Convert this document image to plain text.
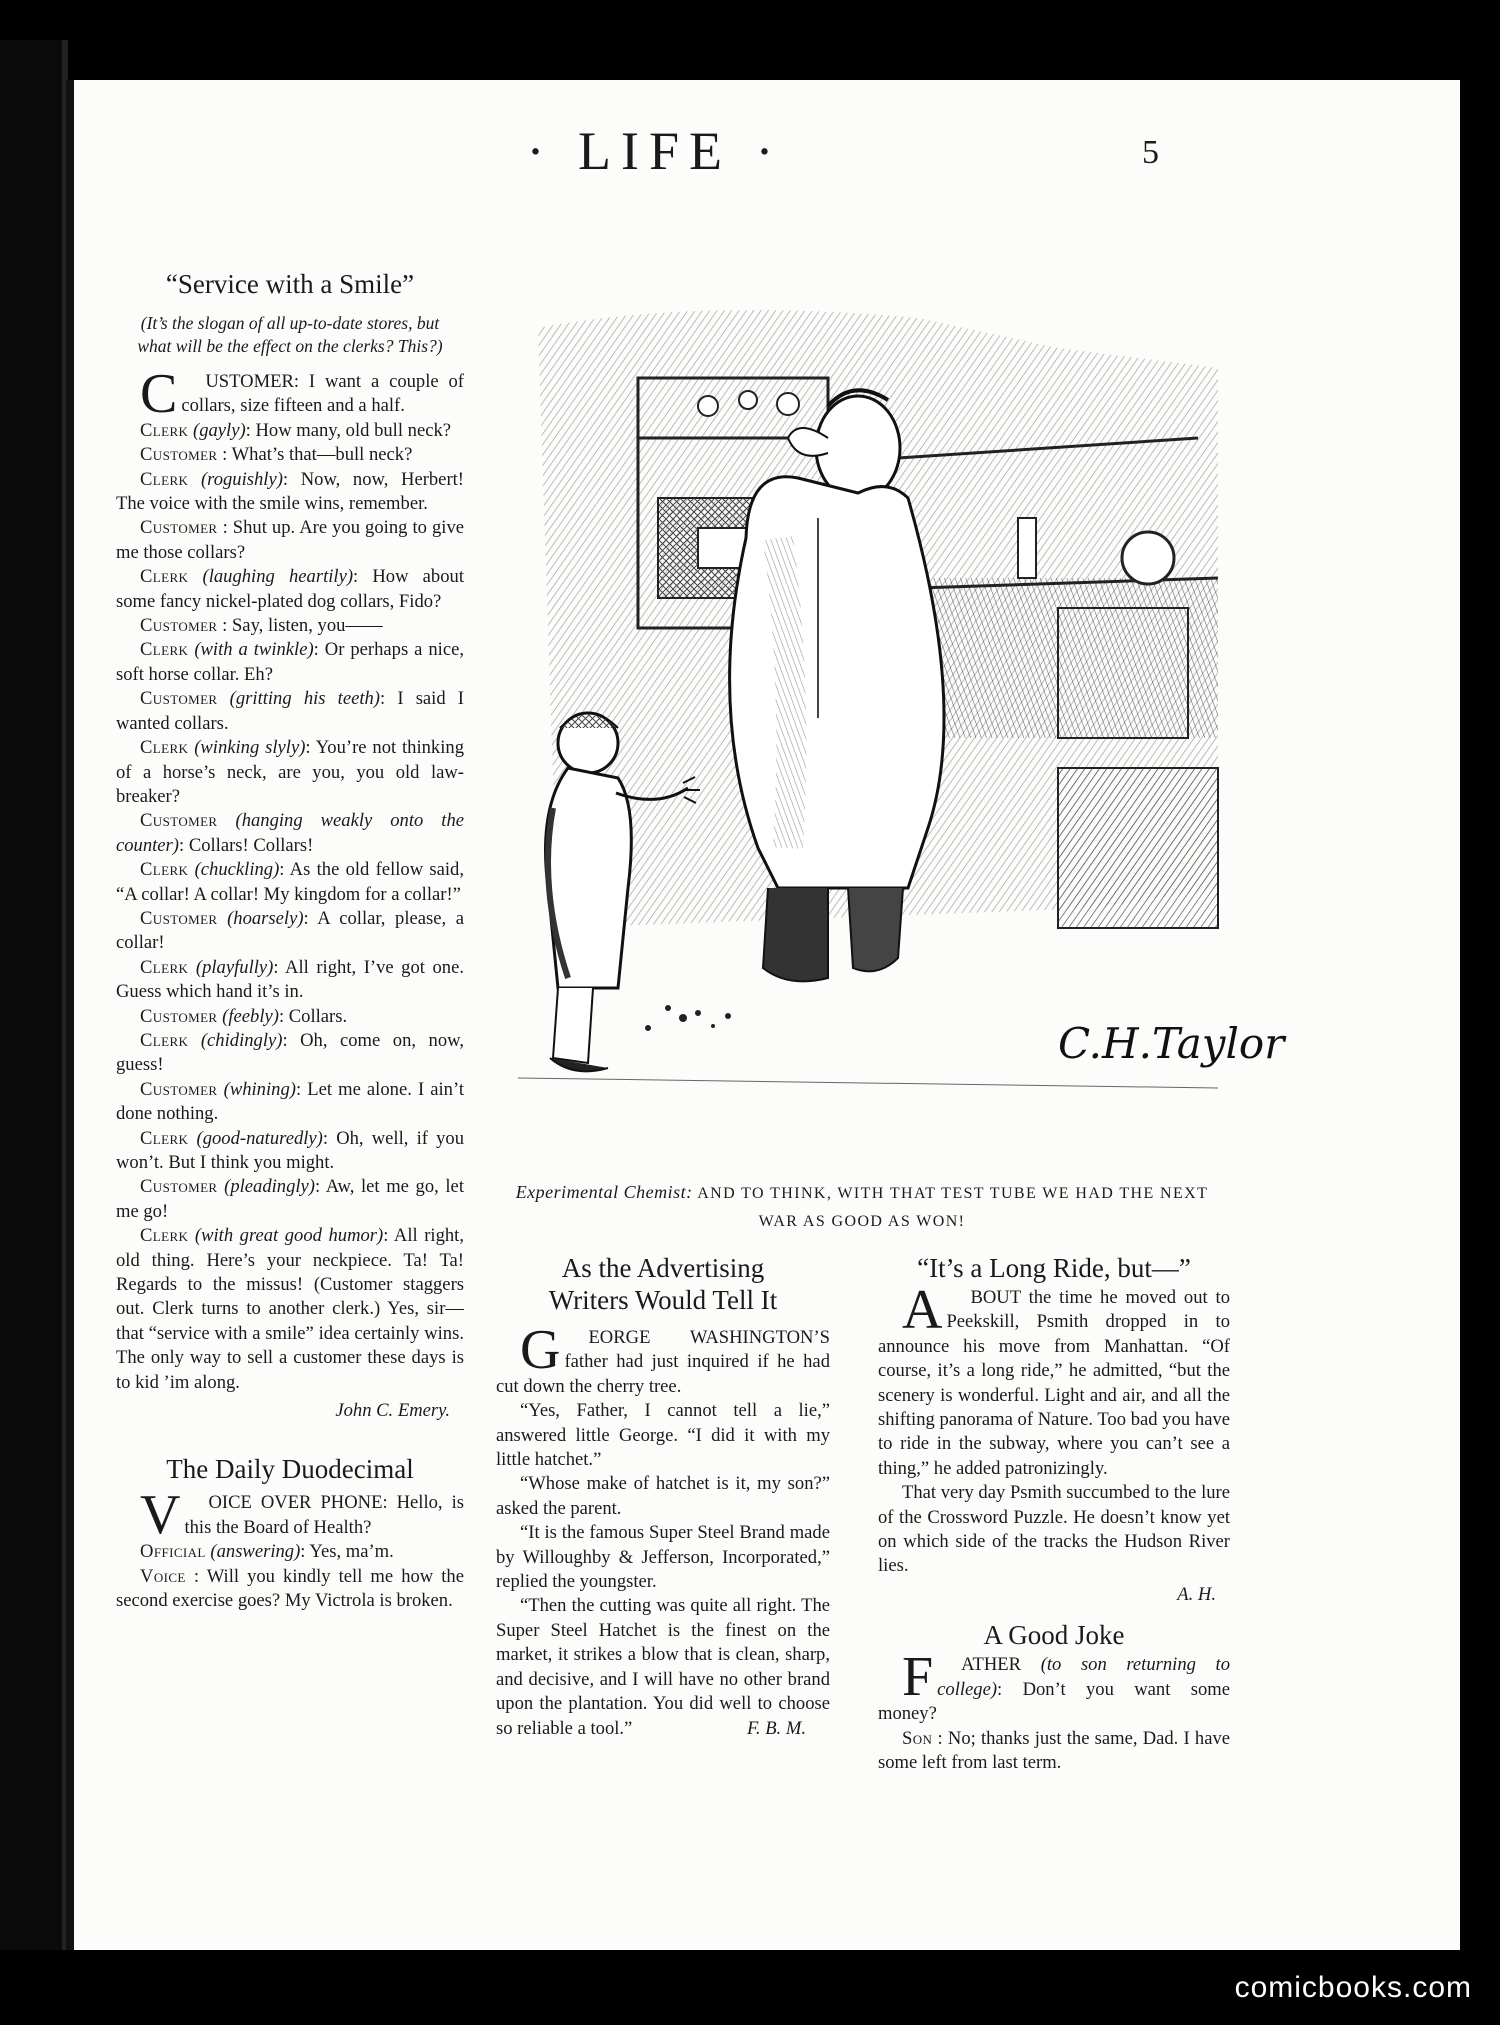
· LIFE ·	5
“Service with a Smile”
(It’s the slogan of all up-to-date stores, but what will be the effect on the clerks? This?)

C USTOMER: I want a couple of collars, size fifteen and a half.

Clerk (gayly): How many, old bull neck?

Customer : What’s that—bull neck?

Clerk (roguishly): Now, now, Herbert! The voice with the smile wins, remember.

Customer : Shut up. Are you going to give me those collars?

Clerk (laughing heartily): How about some fancy nickel-plated dog collars, Fido?

Customer : Say, listen, you——

Clerk (with a twinkle): Or perhaps a nice, soft horse collar. Eh?

Customer (gritting his teeth): I said I wanted collars.

Clerk (winking slyly): You’re not thinking of a horse’s neck, are you, you old law-breaker?

Customer (hanging weakly onto the counter): Collars! Collars!

Clerk (chuckling): As the old fellow said, “A collar! A collar! My kingdom for a collar!”

Customer (hoarsely): A collar, please, a collar!

Clerk (playfully): All right, I’ve got one. Guess which hand it’s in.

Customer (feebly): Collars.

Clerk (chidingly): Oh, come on, now, guess!

Customer (whining): Let me alone. I ain’t done nothing.

Clerk (good-naturedly): Oh, well, if you won’t. But I think you might.

Customer (pleadingly): Aw, let me go, let me go!

Clerk (with great good humor): All right, old thing. Here’s your neckpiece. Ta! Ta! Regards to the missus! (Customer staggers out. Clerk turns to another clerk.) Yes, sir—that “service with a smile” idea certainly wins. The only way to sell a customer these days is to kid ’im along.

John C. Emery.

The Daily Duodecimal

V OICE OVER PHONE: Hello, is this the Board of Health?

Official (answering): Yes, ma’m.

Voice : Will you kindly tell me how the second exercise goes? My Victrola is broken.

C.H.Taylor
Experimental Chemist: AND TO THINK, WITH THAT TEST TUBE WE HAD THE NEXT WAR AS GOOD AS WON!
As the Advertising Writers Would Tell It

G EORGE WASHINGTON’S father had just inquired if he had cut down the cherry tree.

“Yes, Father, I cannot tell a lie,” answered little George. “I did it with my little hatchet.”

“Whose make of hatchet is it, my son?” asked the parent.

“It is the famous Super Steel Brand made by Willoughby & Jefferson, Incorporated,” replied the youngster.

“Then the cutting was quite all right. The Super Steel Hatchet is the finest on the market, it strikes a blow that is clean, sharp, and decisive, and I will have no other brand upon the plantation. You did well to choose so reliable a tool.”	F. B. M.

“It’s a Long Ride, but—”

A BOUT the time he moved out to Peekskill, Psmith dropped in to announce his move from Manhattan. “Of course, it’s a long ride,” he admitted, “but the scenery is wonderful. Light and air, and all the shifting panorama of Nature. Too bad you have to ride in the subway, where you can’t see a thing,” he added patronizingly.

That very day Psmith succumbed to the lure of the Crossword Puzzle. He doesn’t know yet on which side of the tracks the Hudson River lies.

A. H.

A Good Joke

F ATHER (to son returning to college): Don’t you want some money?

Son : No; thanks just the same, Dad. I have some left from last term.

comicbooks.com
